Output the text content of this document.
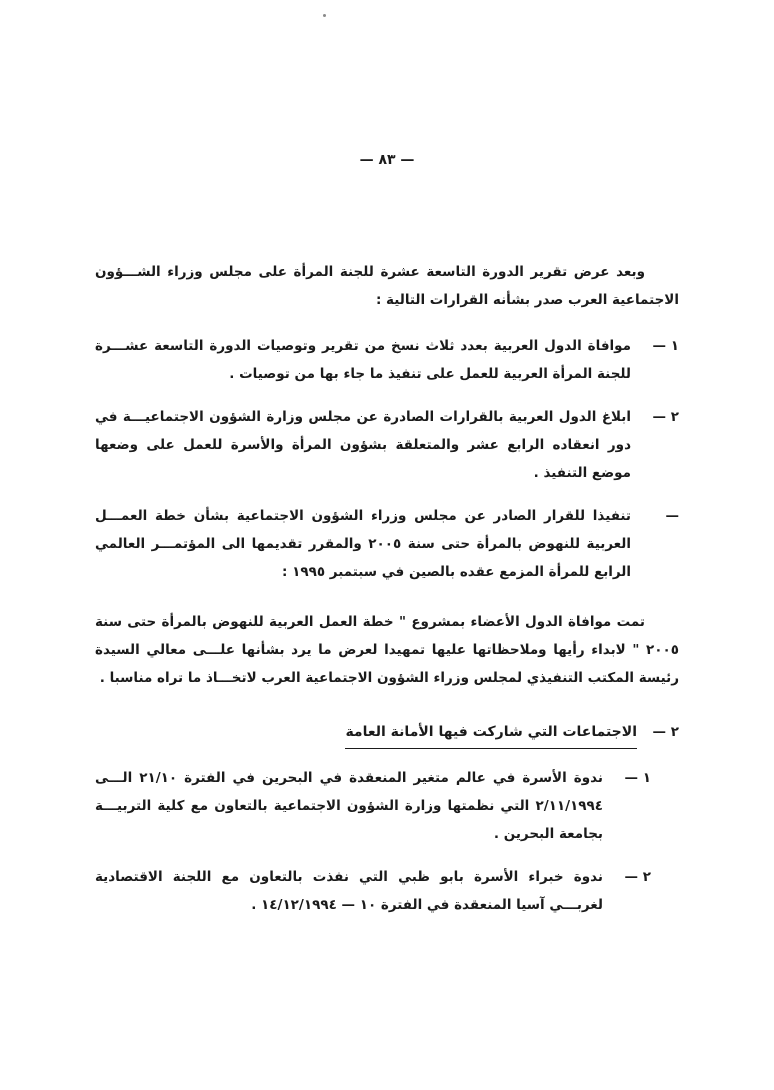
— ٨٣ —
وبعد عرض تقرير الدورة التاسعة عشرة للجنة المرأة على مجلس وزراء الشـــؤون الاجتماعية العرب صدر بشأنه القرارات التالية :
١ —
موافاة الدول العربية بعدد ثلاث نسخ من تقرير وتوصيات الدورة التاسعة عشـــرة للجنة المرأة العربية للعمل على تنفيذ ما جاء بها من توصيات .
٢ —
ابلاغ الدول العربية بالقرارات الصادرة عن مجلس وزارة الشؤون الاجتماعيـــة في دور انعقاده الرابع عشر والمتعلقة بشؤون المرأة والأسرة للعمل على وضعها موضع التنفيذ .
—
تنفيذا للقرار الصادر عن مجلس وزراء الشؤون الاجتماعية بشأن خطة العمـــل العربية للنهوض بالمرأة حتى سنة ٢٠٠٥ والمقرر تقديمها الى المؤتمـــر العالمي الرابع للمرأة المزمع عقده بالصين في سبتمبر ١٩٩٥ :
تمت موافاة الدول الأعضاء بمشروع " خطة العمل العربية للنهوض بالمرأة حتى سنة ٢٠٠٥ " لابداء رأيها وملاحظاتها عليها تمهيدا لعرض ما يرد بشأنها علـــى معالي السيدة رئيسة المكتب التنفيذي لمجلس وزراء الشؤون الاجتماعية العرب لاتخـــاذ ما تراه مناسبا .
٢ —
الاجتماعات التي شاركت فيها الأمانة العامة
١ —
ندوة الأسرة في عالم متغير المنعقدة في البحرين في الفترة ٢١/١٠ الـــى ٢/١١/١٩٩٤ التي نظمتها وزارة الشؤون الاجتماعية بالتعاون مع كلية التربيـــة بجامعة البحرين .
٢ —
ندوة خبراء الأسرة بابو ظبي التي نفذت بالتعاون مع اللجنة الاقتصادية لغربـــي آسيا المنعقدة في الفترة ١٠ — ١٤/١٢/١٩٩٤ .
